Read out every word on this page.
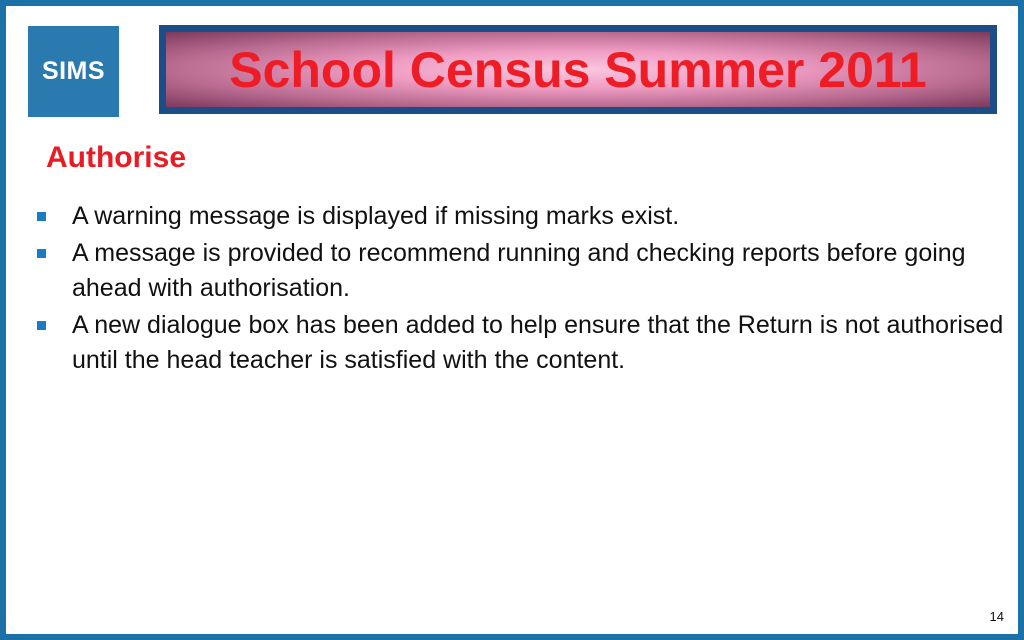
SIMS School Census Summer 2011
Authorise
A warning message is displayed if missing marks exist.
A message is provided to recommend running and checking reports before going ahead with authorisation.
A new dialogue box has been added to help ensure that the Return is not authorised until the head teacher is satisfied with the content.
14
